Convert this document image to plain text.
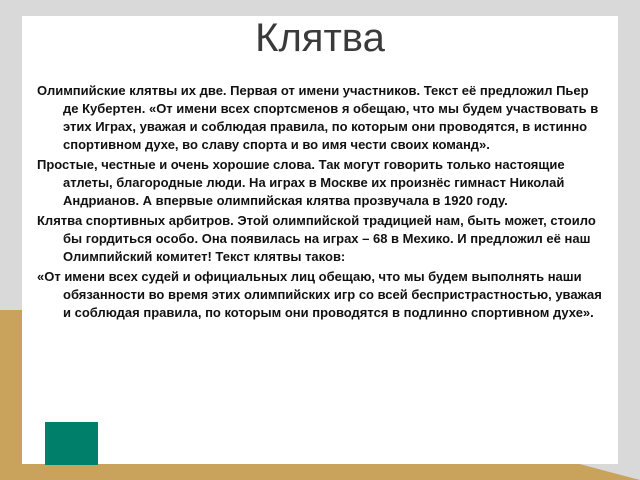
Клятва

Олимпийские клятвы их две. Первая от имени участников. Текст её предложил Пьер де Кубертен. «От имени всех спортсменов я обещаю, что мы будем участвовать в этих Играх, уважая и соблюдая правила, по которым они проводятся, в истинно спортивном духе, во славу спорта и во имя чести своих команд».

Простые, честные и очень хорошие слова. Так могут говорить только настоящие атлеты, благородные люди. На играх в Москве их произнёс гимнаст Николай Андрианов. А впервые олимпийская клятва прозвучала в 1920 году.

Клятва спортивных арбитров. Этой олимпийской традицией нам, быть может, стоило бы гордиться особо. Она появилась на играх – 68 в Мехико. И предложил её наш Олимпийский комитет! Текст клятвы таков:

«От имени всех судей и официальных лиц обещаю, что мы будем выполнять наши обязанности во время этих олимпийских игр со всей беспристрастностью, уважая и соблюдая правила, по которым они проводятся в подлинно спортивном духе».
